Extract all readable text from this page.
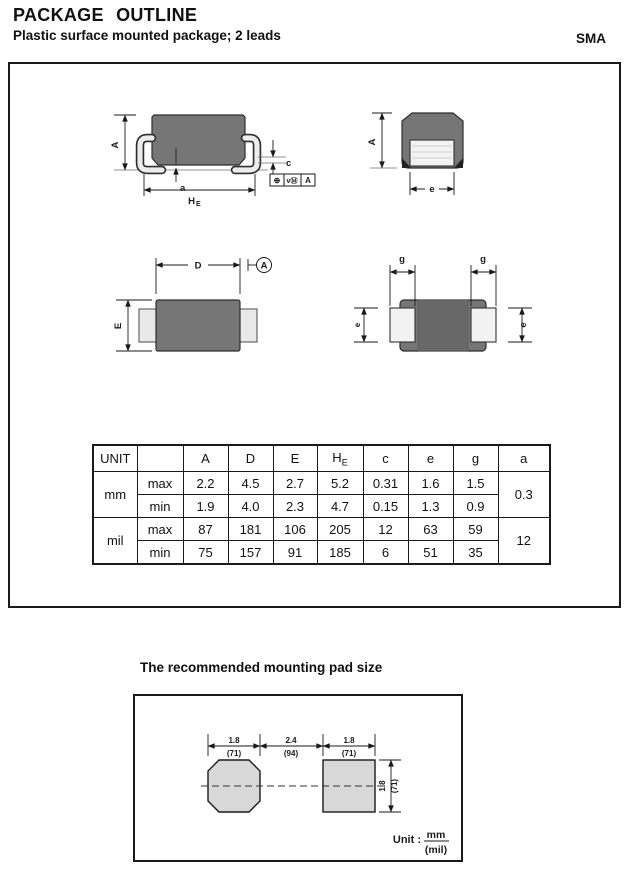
PACKAGE OUTLINE
Plastic surface mounted package; 2 leads	SMA
A
a
H E
c
⊕ vⓂ A
A
e
D	A
E
g	g
e	e
UNIT		A	D	E	$H_E$	c	e	g	a
mm	max	2.2	4.5	2.7	5.2	0.31	1.6	1.5	0.3
	min	1.9	4.0	2.3	4.7	0.15	1.3	0.9	
mil	max	87	181	106	205	12	63	59	12
	min	75	157	91	185	6	51	35	
The recommended mounting pad size
1.8
(71)
2.4
(94)
1.8
(71)
1.8 (71)
Unit : mm
(mil)
